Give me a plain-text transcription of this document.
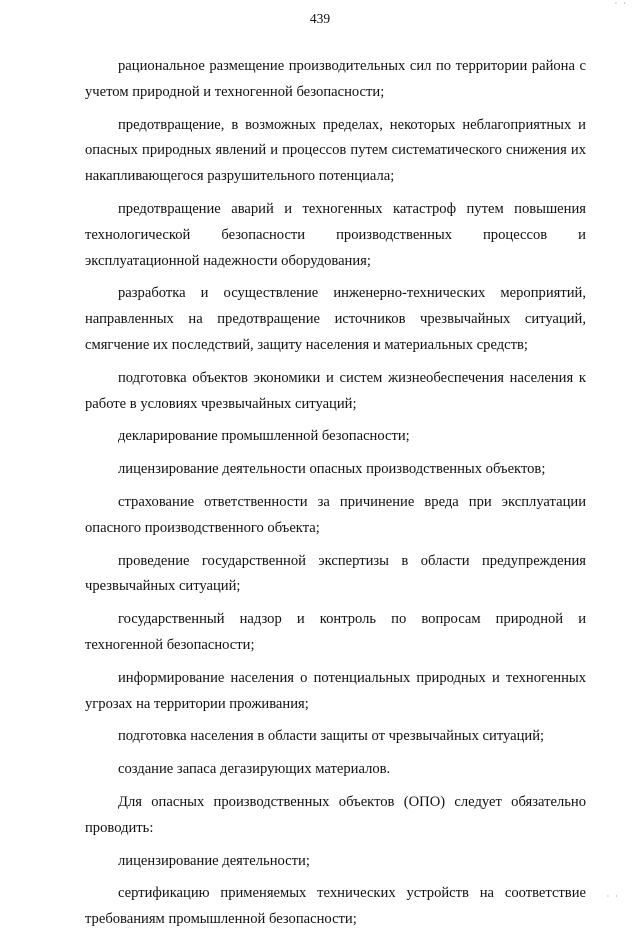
· ·
439

рациональное размещение производительных сил по территории района с учетом природной и техногенной безопасности;

предотвращение, в возможных пределах, некоторых неблагоприятных и опасных природных явлений и процессов путем систематического снижения их накапливающегося разрушительного потенциала;

предотвращение аварий и техногенных катастроф путем повышения технологической безопасности производственных процессов и эксплуатационной надежности оборудования;

разработка и осуществление инженерно-технических мероприятий, направленных на предотвращение источников чрезвычайных ситуаций, смягчение их последствий, защиту населения и материальных средств;

подготовка объектов экономики и систем жизнеобеспечения населения к работе в условиях чрезвычайных ситуаций;

декларирование промышленной безопасности;

лицензирование деятельности опасных производственных объектов;

страхование ответственности за причинение вреда при эксплуатации опасного производственного объекта;

проведение государственной экспертизы в области предупреждения чрезвычайных ситуаций;

государственный надзор и контроль по вопросам природной и техногенной безопасности;

информирование населения о потенциальных природных и техногенных угрозах на территории проживания;

подготовка населения в области защиты от чрезвычайных ситуаций;

создание запаса дегазирующих материалов.

Для опасных производственных объектов (ОПО) следует обязательно проводить:

лицензирование деятельности;

сертификацию применяемых технических устройств на соответствие требованиям промышленной безопасности;

· ·
